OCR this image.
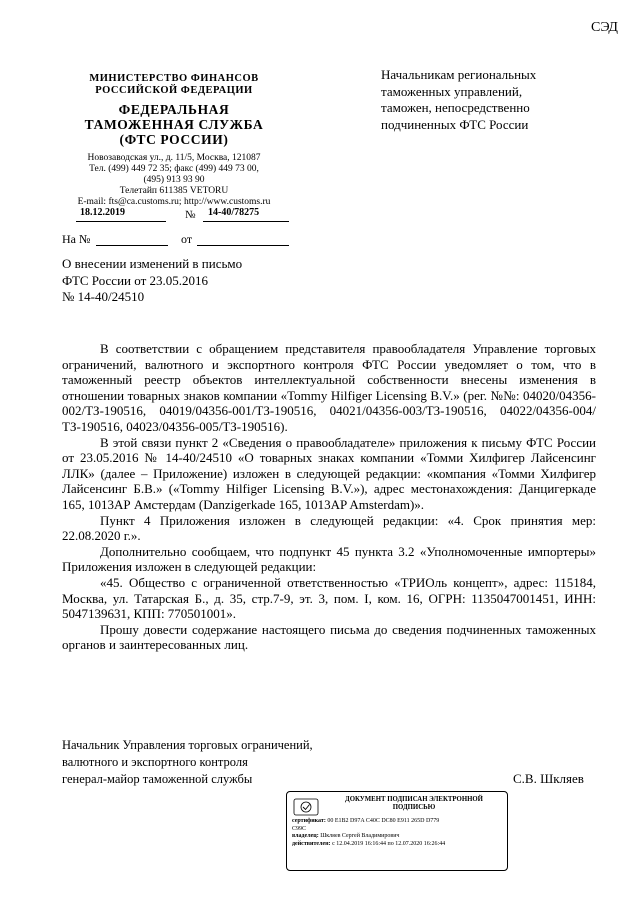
СЭД
МИНИСТЕРСТВО ФИНАНСОВ
РОССИЙСКОЙ ФЕДЕРАЦИИ
ФЕДЕРАЛЬНАЯ
ТАМОЖЕННАЯ СЛУЖБА
(ФТС РОССИИ)
Новозаводская ул., д. 11/5, Москва, 121087
Тел. (499) 449 72 35; факс (499) 449 73 00,
(495) 913 93 90
Телетайп 611385 VETORU
E-mail: fts@ca.customs.ru; http://www.customs.ru
18.12.2019	№ 14-40/78275
На №	от
О внесении изменений в письмо
ФТС России от 23.05.2016
№ 14-40/24510
Начальникам региональных
таможенных управлений,
таможен, непосредственно
подчиненных ФТС России

В соответствии с обращением представителя правообладателя Управление торговых ограничений, валютного и экспортного контроля ФТС России уведомляет о том, что в таможенный реестр объектов интеллектуальной собственности внесены изменения в отношении товарных знаков компании «Tommy Hilfiger Licensing B.V.» (рег. №№: 04020/04356-002/ТЗ-190516, 04019/04356-001/ТЗ-190516, 04021/04356-003/ТЗ-190516, 04022/04356-004/ТЗ-190516, 04023/04356-005/ТЗ-190516).

В этой связи пункт 2 «Сведения о правообладателе» приложения к письму ФТС России от 23.05.2016 № 14-40/24510 «О товарных знаках компании «Томми Хилфигер Лайсенсинг ЛЛК» (далее – Приложение) изложен в следующей редакции: «компания «Томми Хилфигер Лайсенсинг Б.В.» («Tommy Hilfiger Licensing B.V.»), адрес местонахождения: Данцигеркаде 165, 1013АР Амстердам (Danzigerkade 165, 1013AP Amsterdam)».

Пункт 4 Приложения изложен в следующей редакции: «4. Срок принятия мер: 22.08.2020 г.».

Дополнительно сообщаем, что подпункт 45 пункта 3.2 «Уполномоченные импортеры» Приложения изложен в следующей редакции:

«45. Общество с ограниченной ответственностью «ТРИОль концепт», адрес: 115184, Москва, ул. Татарская Б., д. 35, стр.7-9, эт. 3, пом. I, ком. 16, ОГРН: 1135047001451, ИНН: 5047139631, КПП: 770501001».

Прошу довести содержание настоящего письма до сведения подчиненных таможенных органов и заинтересованных лиц.

Начальник Управления торговых ограничений,
валютного и экспортного контроля
генерал-майор таможенной службы	С.В. Шкляев
ДОКУМЕНТ ПОДПИСАН ЭЛЕКТРОННОЙ
ПОДПИСЬЮ
сертификат: 00 E1B2 D97A C40C DC80 E911 265D D779
C99C
владелец: Шкляев Сергей Владимирович
действителен: с 12.04.2019 16:16:44 по 12.07.2020 16:26:44
